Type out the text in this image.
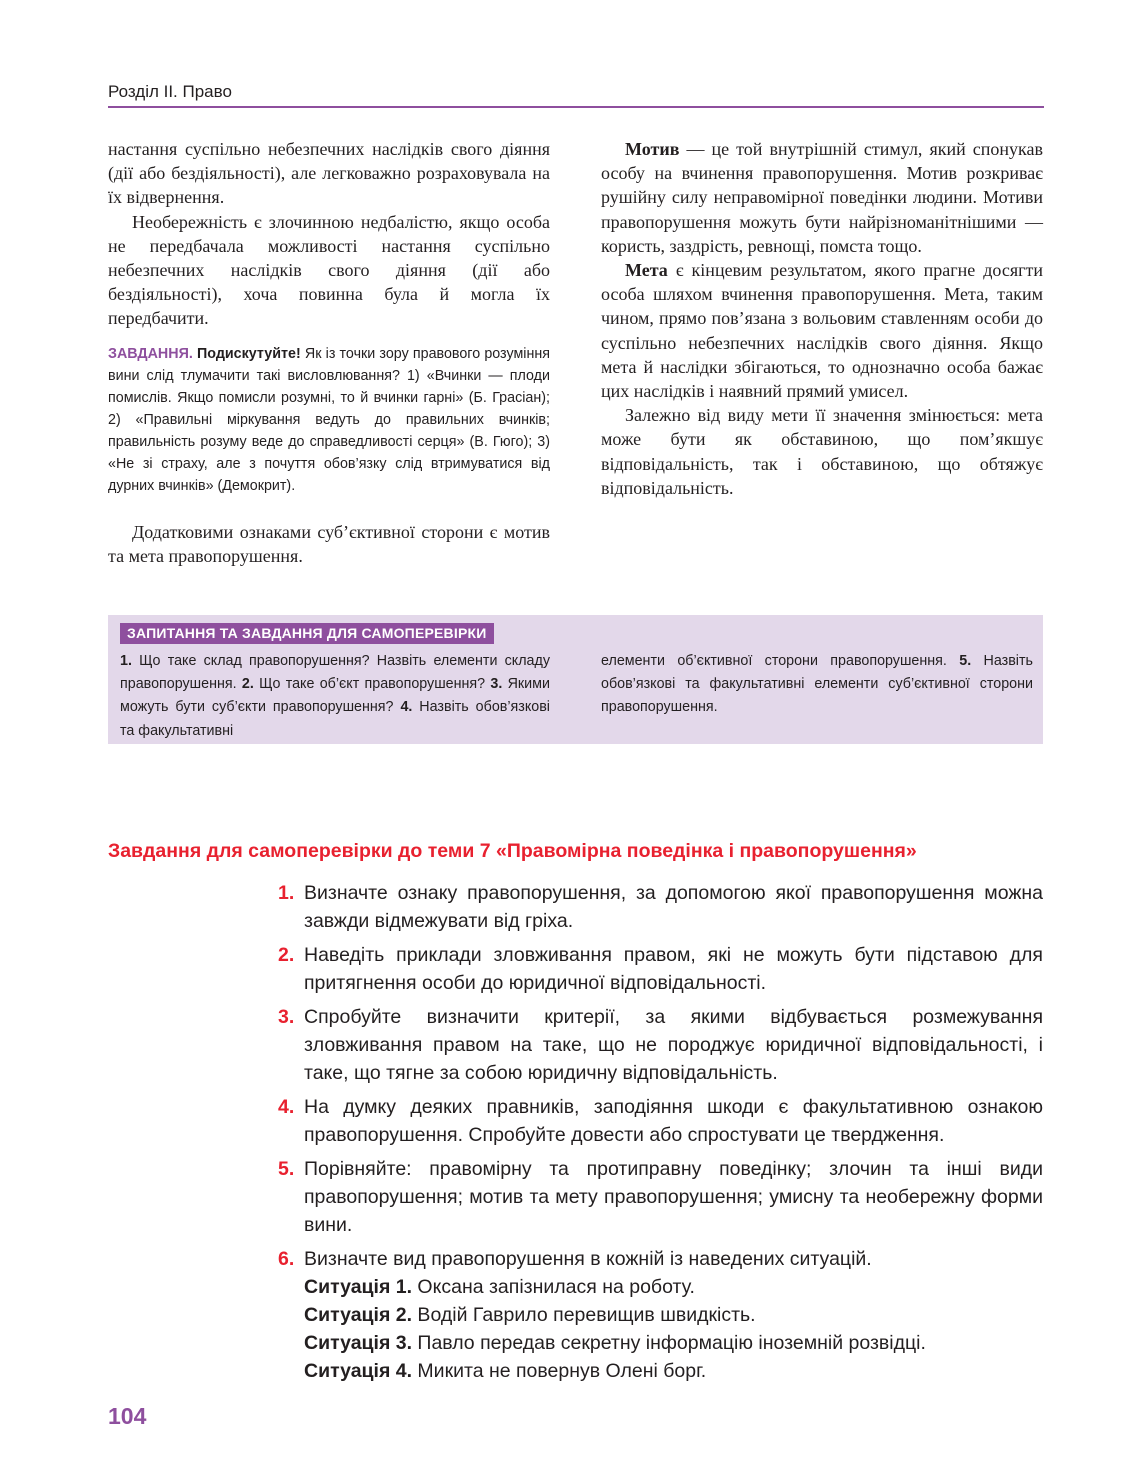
Розділ II. Право

настання суспільно небезпечних наслідків свого діяння (дії або бездіяльності), але легковажно розраховувала на їх відвернення.

Необережність є злочинною недбалістю, якщо особа не передбачала можливості настання суспільно небезпечних наслідків свого діяння (дії або бездіяльності), хоча повинна була й могла їх передбачити.

ЗАВДАННЯ. Подискутуйте! Як із точки зору правового розуміння вини слід тлумачити такі висловлювання? 1) «Вчинки — плоди помислів. Якщо помисли розумні, то й вчинки гарні» (Б. Грасіан); 2) «Правильні міркування ведуть до правильних вчинків; правильність розуму веде до справедливості серця» (В. Гюго); 3) «Не зі страху, але з почуття обов’язку слід втримуватися від дурних вчинків» (Демокрит).

Додатковими ознаками суб’єктивної сторони є мотив та мета правопорушення.

Мотив — це той внутрішній стимул, який спонукав особу на вчинення правопорушення. Мотив розкриває рушійну силу неправомірної поведінки людини. Мотиви правопорушення можуть бути найрізноманітнішими — користь, заздрість, ревнощі, помста тощо.

Мета є кінцевим результатом, якого прагне досягти особа шляхом вчинення правопорушення. Мета, таким чином, прямо пов’язана з вольовим ставленням особи до суспільно небезпечних наслідків свого діяння. Якщо мета й наслідки збігаються, то однозначно особа бажає цих наслідків і наявний прямий умисел.

Залежно від виду мети її значення змінюється: мета може бути як обставиною, що пом’якшує відповідальність, так і обставиною, що обтяжує відповідальність.

ЗАПИТАННЯ ТА ЗАВДАННЯ ДЛЯ САМОПЕРЕВІРКИ
1. Що таке склад правопорушення? Назвіть елементи складу правопорушення. 2. Що таке об’єкт правопорушення? 3. Якими можуть бути суб’єкти правопорушення? 4. Назвіть обов’язкові та факультативні
елементи об’єктивної сторони правопорушення. 5. Назвіть обов’язкові та факультативні елементи суб’єктивної сторони правопорушення.
Завдання для самоперевірки до теми 7 «Правомірна поведінка і правопорушення»
1. Визначте ознаку правопорушення, за допомогою якої правопорушення можна завжди відмежувати від гріха.
2. Наведіть приклади зловживання правом, які не можуть бути підставою для притягнення особи до юридичної відповідальності.
3. Спробуйте визначити критерії, за якими відбувається розмежування зловживання правом на таке, що не породжує юридичної відповідальності, і таке, що тягне за собою юридичну відповідальність.
4. На думку деяких правників, заподіяння шкоди є факультативною ознакою правопорушення. Спробуйте довести або спростувати це твердження.
5. Порівняйте: правомірну та протиправну поведінку; злочин та інші види правопорушення; мотив та мету правопорушення; умисну та необережну форми вини.
6. Визначте вид правопорушення в кожній із наведених ситуацій.
Ситуація 1. Оксана запізнилася на роботу.
Ситуація 2. Водій Гаврило перевищив швидкість.
Ситуація 3. Павло передав секретну інформацію іноземній розвідці.
Ситуація 4. Микита не повернув Олені борг.
104
